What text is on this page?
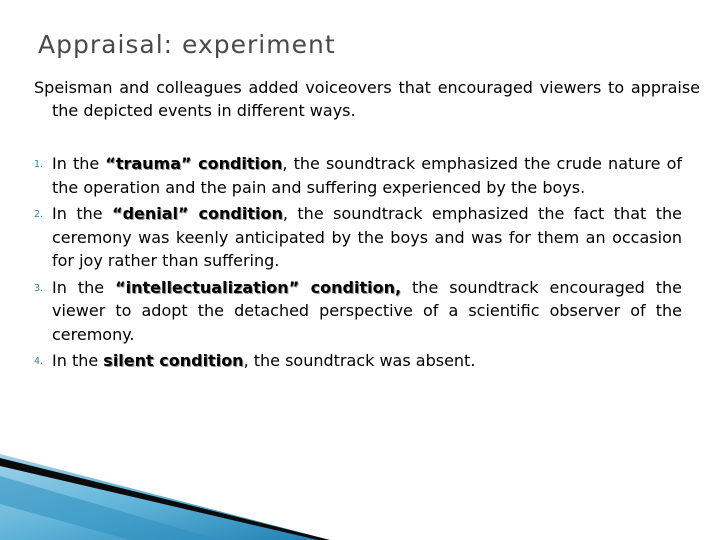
Appraisal: experiment

Speisman and colleagues added voiceovers that encouraged viewers to appraise the depicted events in different ways.

1. In the “trauma” condition, the soundtrack emphasized the crude nature of the operation and the pain and suffering experienced by the boys.
2. In the “denial” condition, the soundtrack emphasized the fact that the ceremony was keenly anticipated by the boys and was for them an occasion for joy rather than suffering.
3. In the “intellectualization” condition, the soundtrack encouraged the viewer to adopt the detached perspective of a scientific observer of the ceremony.
4. In the silent condition, the soundtrack was absent.
